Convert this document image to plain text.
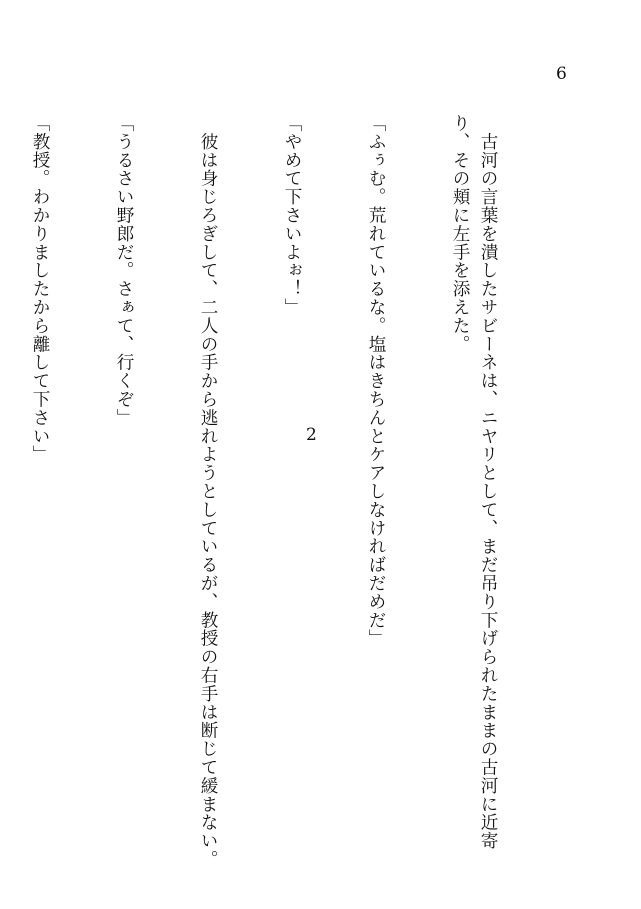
6
2

	　古河の言葉を潰したサビーネは、ニヤリとして、まだ吊り下げられたままの古河に近寄り、その頬に左手を添えた。

「ふぅむ。荒れているな。塩はきちんとケアしなければだめだ」

「やめて下さいよぉ！」

　彼は身じろぎして、二人の手から逃れようとしているが、教授の右手は断じて緩まない。

「うるさい野郎だ。さぁて、行くぞ」

「教授。わかりましたから離して下さい」
